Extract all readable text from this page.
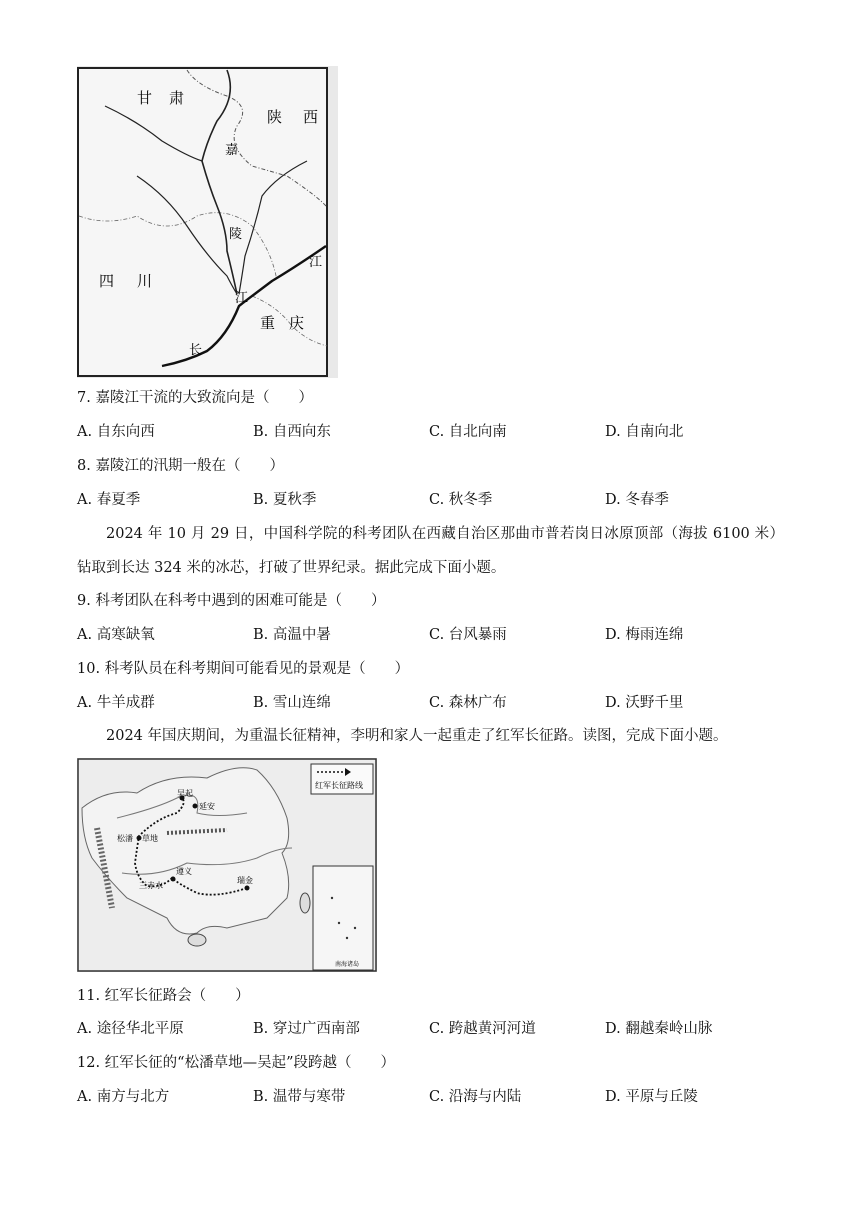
甘 肃
陕 西
嘉
陵
江
四 川
江
长
重 庆
7. 嘉陵江干流的大致流向是（　　）
A. 自东向西	B. 自西向东	C. 自北向南	D. 自南向北
8. 嘉陵江的汛期一般在（　　）
A. 春夏季	B. 夏秋季	C. 秋冬季	D. 冬春季
2024 年 10 月 29 日，中国科学院的科考团队在西藏自治区那曲市普若岗日冰原顶部（海拔 6100 米）钻取到长达 324 米的冰芯，打破了世界纪录。据此完成下面小题。
9. 科考团队在科考中遇到的困难可能是（　　）
A. 高寒缺氧	B. 高温中暑	C. 台风暴雨	D. 梅雨连绵
10. 科考队员在科考期间可能看见的景观是（　　）
A. 牛羊成群	B. 雪山连绵	C. 森林广布	D. 沃野千里
2024 年国庆期间，为重温长征精神，李明和家人一起重走了红军长征路。读图，完成下面小题。
吴起
延安
松潘 草地
遵义
三赤水
瑞金
红军长征路线
南海诸岛
11. 红军长征路会（　　）
A. 途径华北平原	B. 穿过广西南部	C. 跨越黄河河道	D. 翻越秦岭山脉
12. 红军长征的“松潘草地—吴起”段跨越（　　）
A. 南方与北方	B. 温带与寒带	C. 沿海与内陆	D. 平原与丘陵
